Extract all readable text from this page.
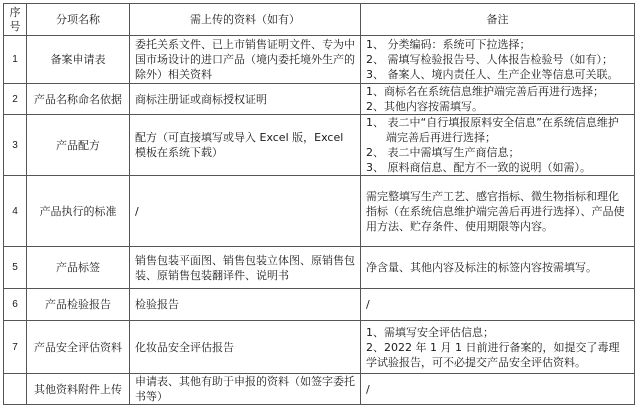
序号	分项名称	需上传的资料（如有）	备注
1	备案申请表	委托关系文件、已上市销售证明文件、专为中国市场设计的进口产品（境内委托境外生产的除外）相关资料	1、 分类编码：系统可下拉选择；
2、 需填写检验报告号、人体报告检验号（如有）；
3、 备案人、境内责任人、生产企业等信息可关联。

2	产品名称命名依据	商标注册证或商标授权证明	1、商标名在系统信息维护端完善后再进行选择；
2、其他内容按需填写。

3	产品配方	配方（可直接填写或导入 Excel 版，Excel 模板在系统下载）	1、 表二中“自行填报原料安全信息”在系统信息维护端完善后再进行选择；
2、 表二中需填写生产商信息；
3、 原料商信息、配方不一致的说明（如需）。

4	产品执行的标准	/	需完整填写生产工艺、感官指标、微生物指标和理化指标（在系统信息维护端完善后再进行选择）、产品使用方法、贮存条件、使用期限等内容。

5	产品标签	销售包装平面图、销售包装立体图、原销售包装、原销售包装翻译件、说明书	净含量、其他内容及标注的标签内容按需填写。

6	产品检验报告	检验报告	/

7	产品安全评估资料	化妆品安全评估报告	1、需填写安全评估信息；
2、2022 年 1 月 1 日前进行备案的，如提交了毒理学试验报告，可不必提交产品安全评估资料。

	其他资料附件上传	申请表、其他有助于申报的资料（如签字委托书等）	/
